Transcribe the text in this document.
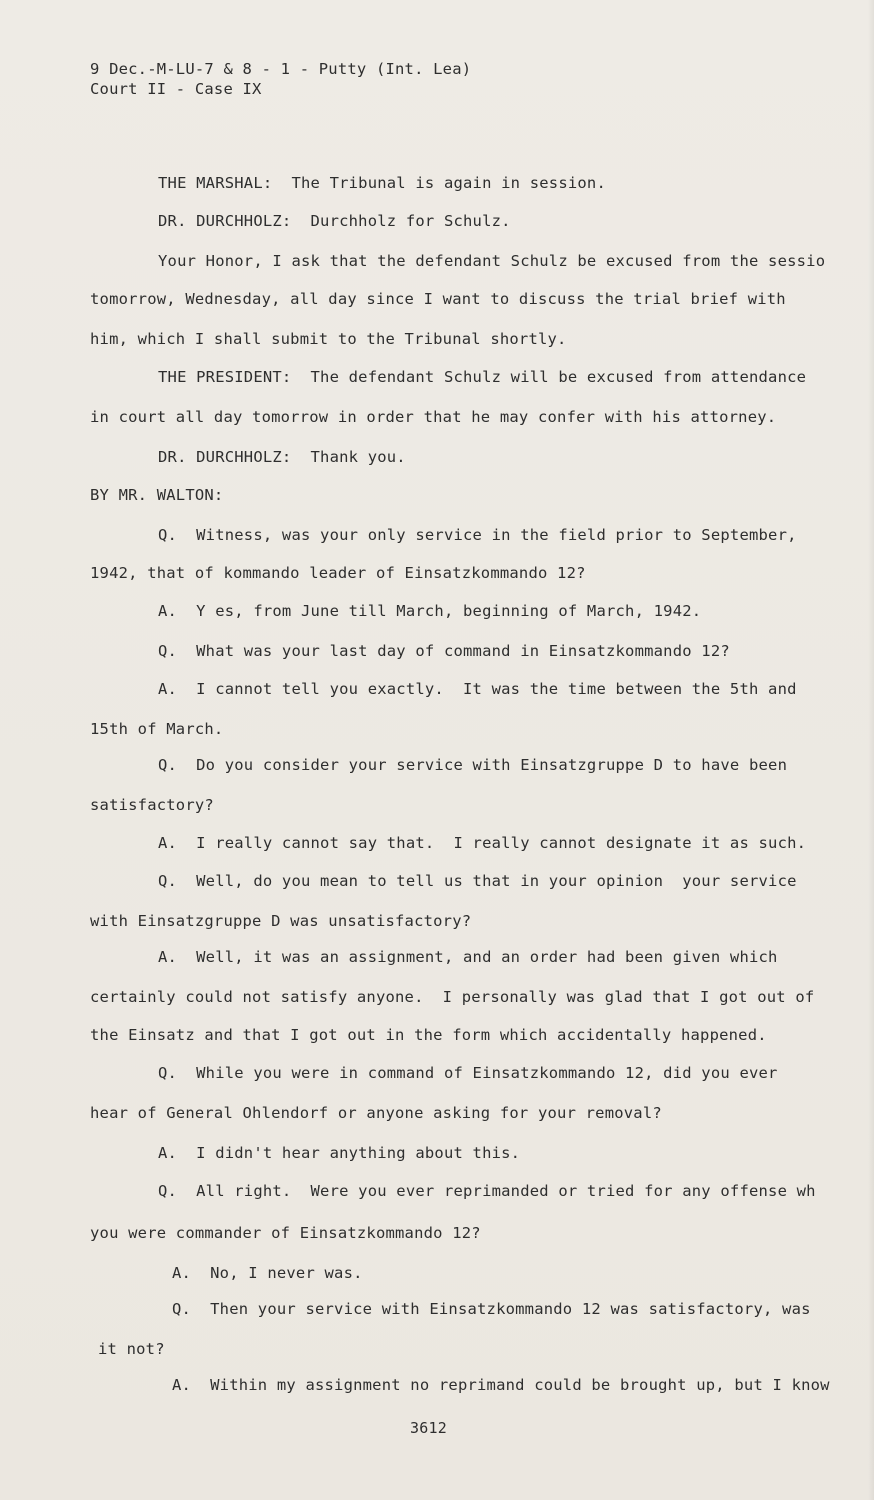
9 Dec.-M-LU-7 & 8 - 1 - Putty (Int. Lea)
Court II - Case IX
THE MARSHAL:  The Tribunal is again in session.
DR. DURCHHOLZ:  Durchholz for Schulz.
Your Honor, I ask that the defendant Schulz be excused from the sessio
tomorrow, Wednesday, all day since I want to discuss the trial brief with
him, which I shall submit to the Tribunal shortly.
THE PRESIDENT:  The defendant Schulz will be excused from attendance
in court all day tomorrow in order that he may confer with his attorney.
DR. DURCHHOLZ:  Thank you.
BY MR. WALTON:
Q.  Witness, was your only service in the field prior to September,
1942, that of kommando leader of Einsatzkommando 12?
A.  Y es, from June till March, beginning of March, 1942.
Q.  What was your last day of command in Einsatzkommando 12?
A.  I cannot tell you exactly.  It was the time between the 5th and
15th of March.
Q.  Do you consider your service with Einsatzgruppe D to have been
satisfactory?
A.  I really cannot say that.  I really cannot designate it as such.
Q.  Well, do you mean to tell us that in your opinion  your service
with Einsatzgruppe D was unsatisfactory?
A.  Well, it was an assignment, and an order had been given which
certainly could not satisfy anyone.  I personally was glad that I got out of
the Einsatz and that I got out in the form which accidentally happened.
Q.  While you were in command of Einsatzkommando 12, did you ever
hear of General Ohlendorf or anyone asking for your removal?
A.  I didn't hear anything about this.
Q.  All right.  Were you ever reprimanded or tried for any offense wh
you were commander of Einsatzkommando 12?
A.  No, I never was.
Q.  Then your service with Einsatzkommando 12 was satisfactory, was
it not?
A.  Within my assignment no reprimand could be brought up, but I know
3612
